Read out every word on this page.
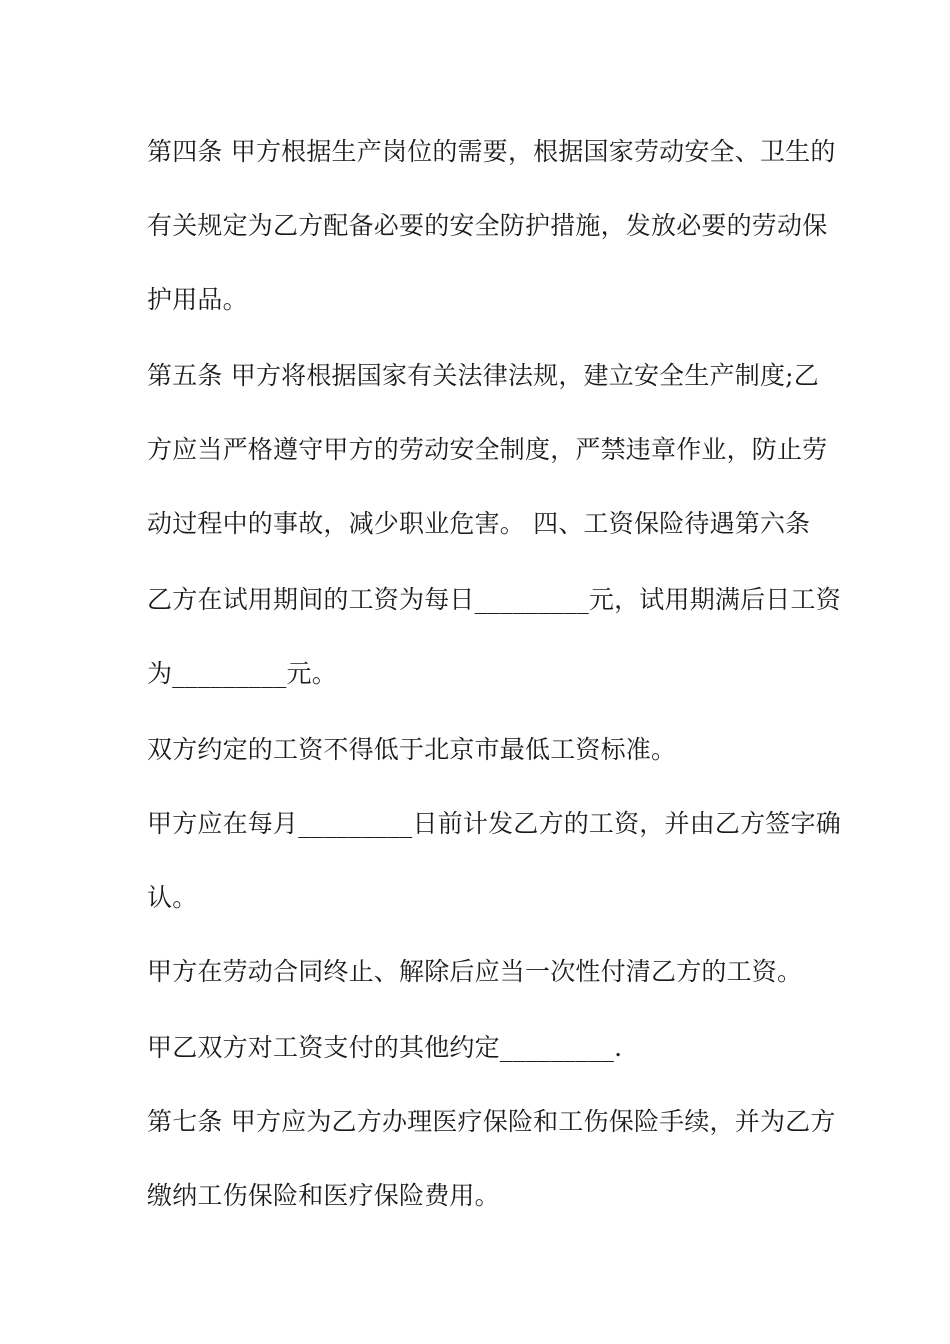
第四条 甲方根据生产岗位的需要，根据国家劳动安全、卫生的
有关规定为乙方配备必要的安全防护措施，发放必要的劳动保
护用品。
第五条 甲方将根据国家有关法律法规，建立安全生产制度;乙
方应当严格遵守甲方的劳动安全制度，严禁违章作业，防止劳
动过程中的事故，减少职业危害。 四、工资保险待遇第六条
乙方在试用期间的工资为每日_________元，试用期满后日工资
为_________元。
双方约定的工资不得低于北京市最低工资标准。
甲方应在每月_________日前计发乙方的工资，并由乙方签字确
认。
甲方在劳动合同终止、解除后应当一次性付清乙方的工资。
甲乙双方对工资支付的其他约定_________.
第七条 甲方应为乙方办理医疗保险和工伤保险手续，并为乙方
缴纳工伤保险和医疗保险费用。
